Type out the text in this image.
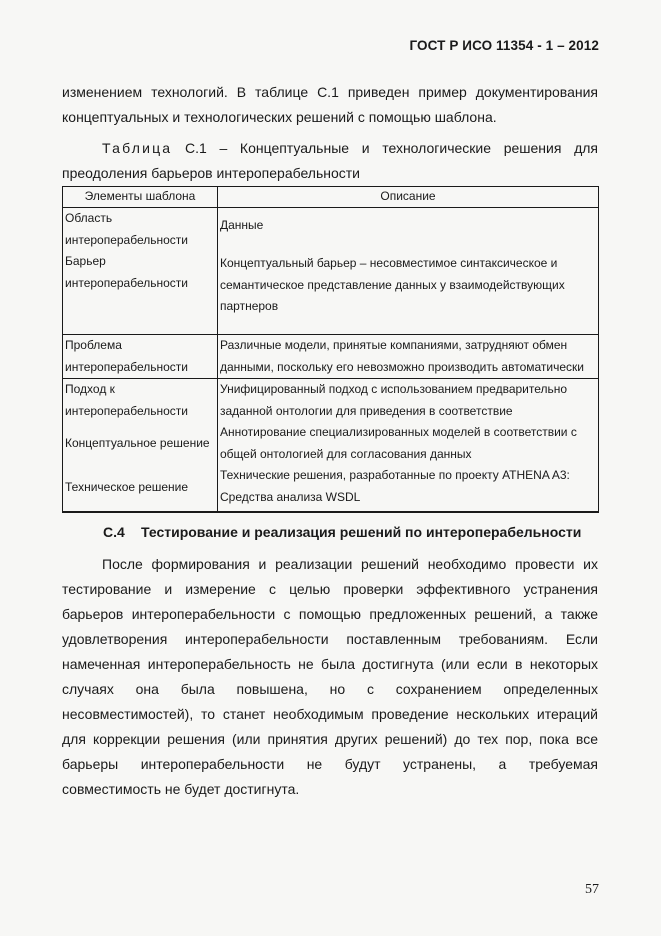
ГОСТ Р ИСО 11354 - 1 – 2012
изменением технологий. В таблице С.1 приведен пример документирования
концептуальных и технологических решений с помощью шаблона.
Таблица С.1 – Концептуальные и технологические решения для
преодоления барьеров интероперабельности
Элементы шаблона	Описание

Область
интероперабельности	Данные

Барьер
интероперабельности	Концептуальный барьер – несовместимое синтаксическое и
семантическое представление данных у взаимодействующих
партнеров

Проблема
интероперабельности	Различные модели, принятые компаниями, затрудняют обмен
данными, поскольку его невозможно производить автоматически

Подход к
интероперабельности	Унифицированный подход с использованием предварительно
заданной онтологии для приведения в соответствие

Концептуальное решение	Аннотирование специализированных моделей в соответствии с
общей онтологией для согласования данных

Техническое решение	Технические решения, разработанные по проекту ATHENA A3:
Средства анализа WSDL
С.4 Тестирование и реализация решений по интероперабельности
После формирования и реализации решений необходимо провести их
тестирование и измерение с целью проверки эффективного устранения
барьеров интероперабельности с помощью предложенных решений, а также
удовлетворения интероперабельности поставленным требованиям. Если
намеченная интероперабельность не была достигнута (или если в некоторых
случаях она была повышена, но с сохранением определенных
несовместимостей), то станет необходимым проведение нескольких итераций
для коррекции решения (или принятия других решений) до тех пор, пока все
барьеры интероперабельности не будут устранены, а требуемая
совместимость не будет достигнута.
57
